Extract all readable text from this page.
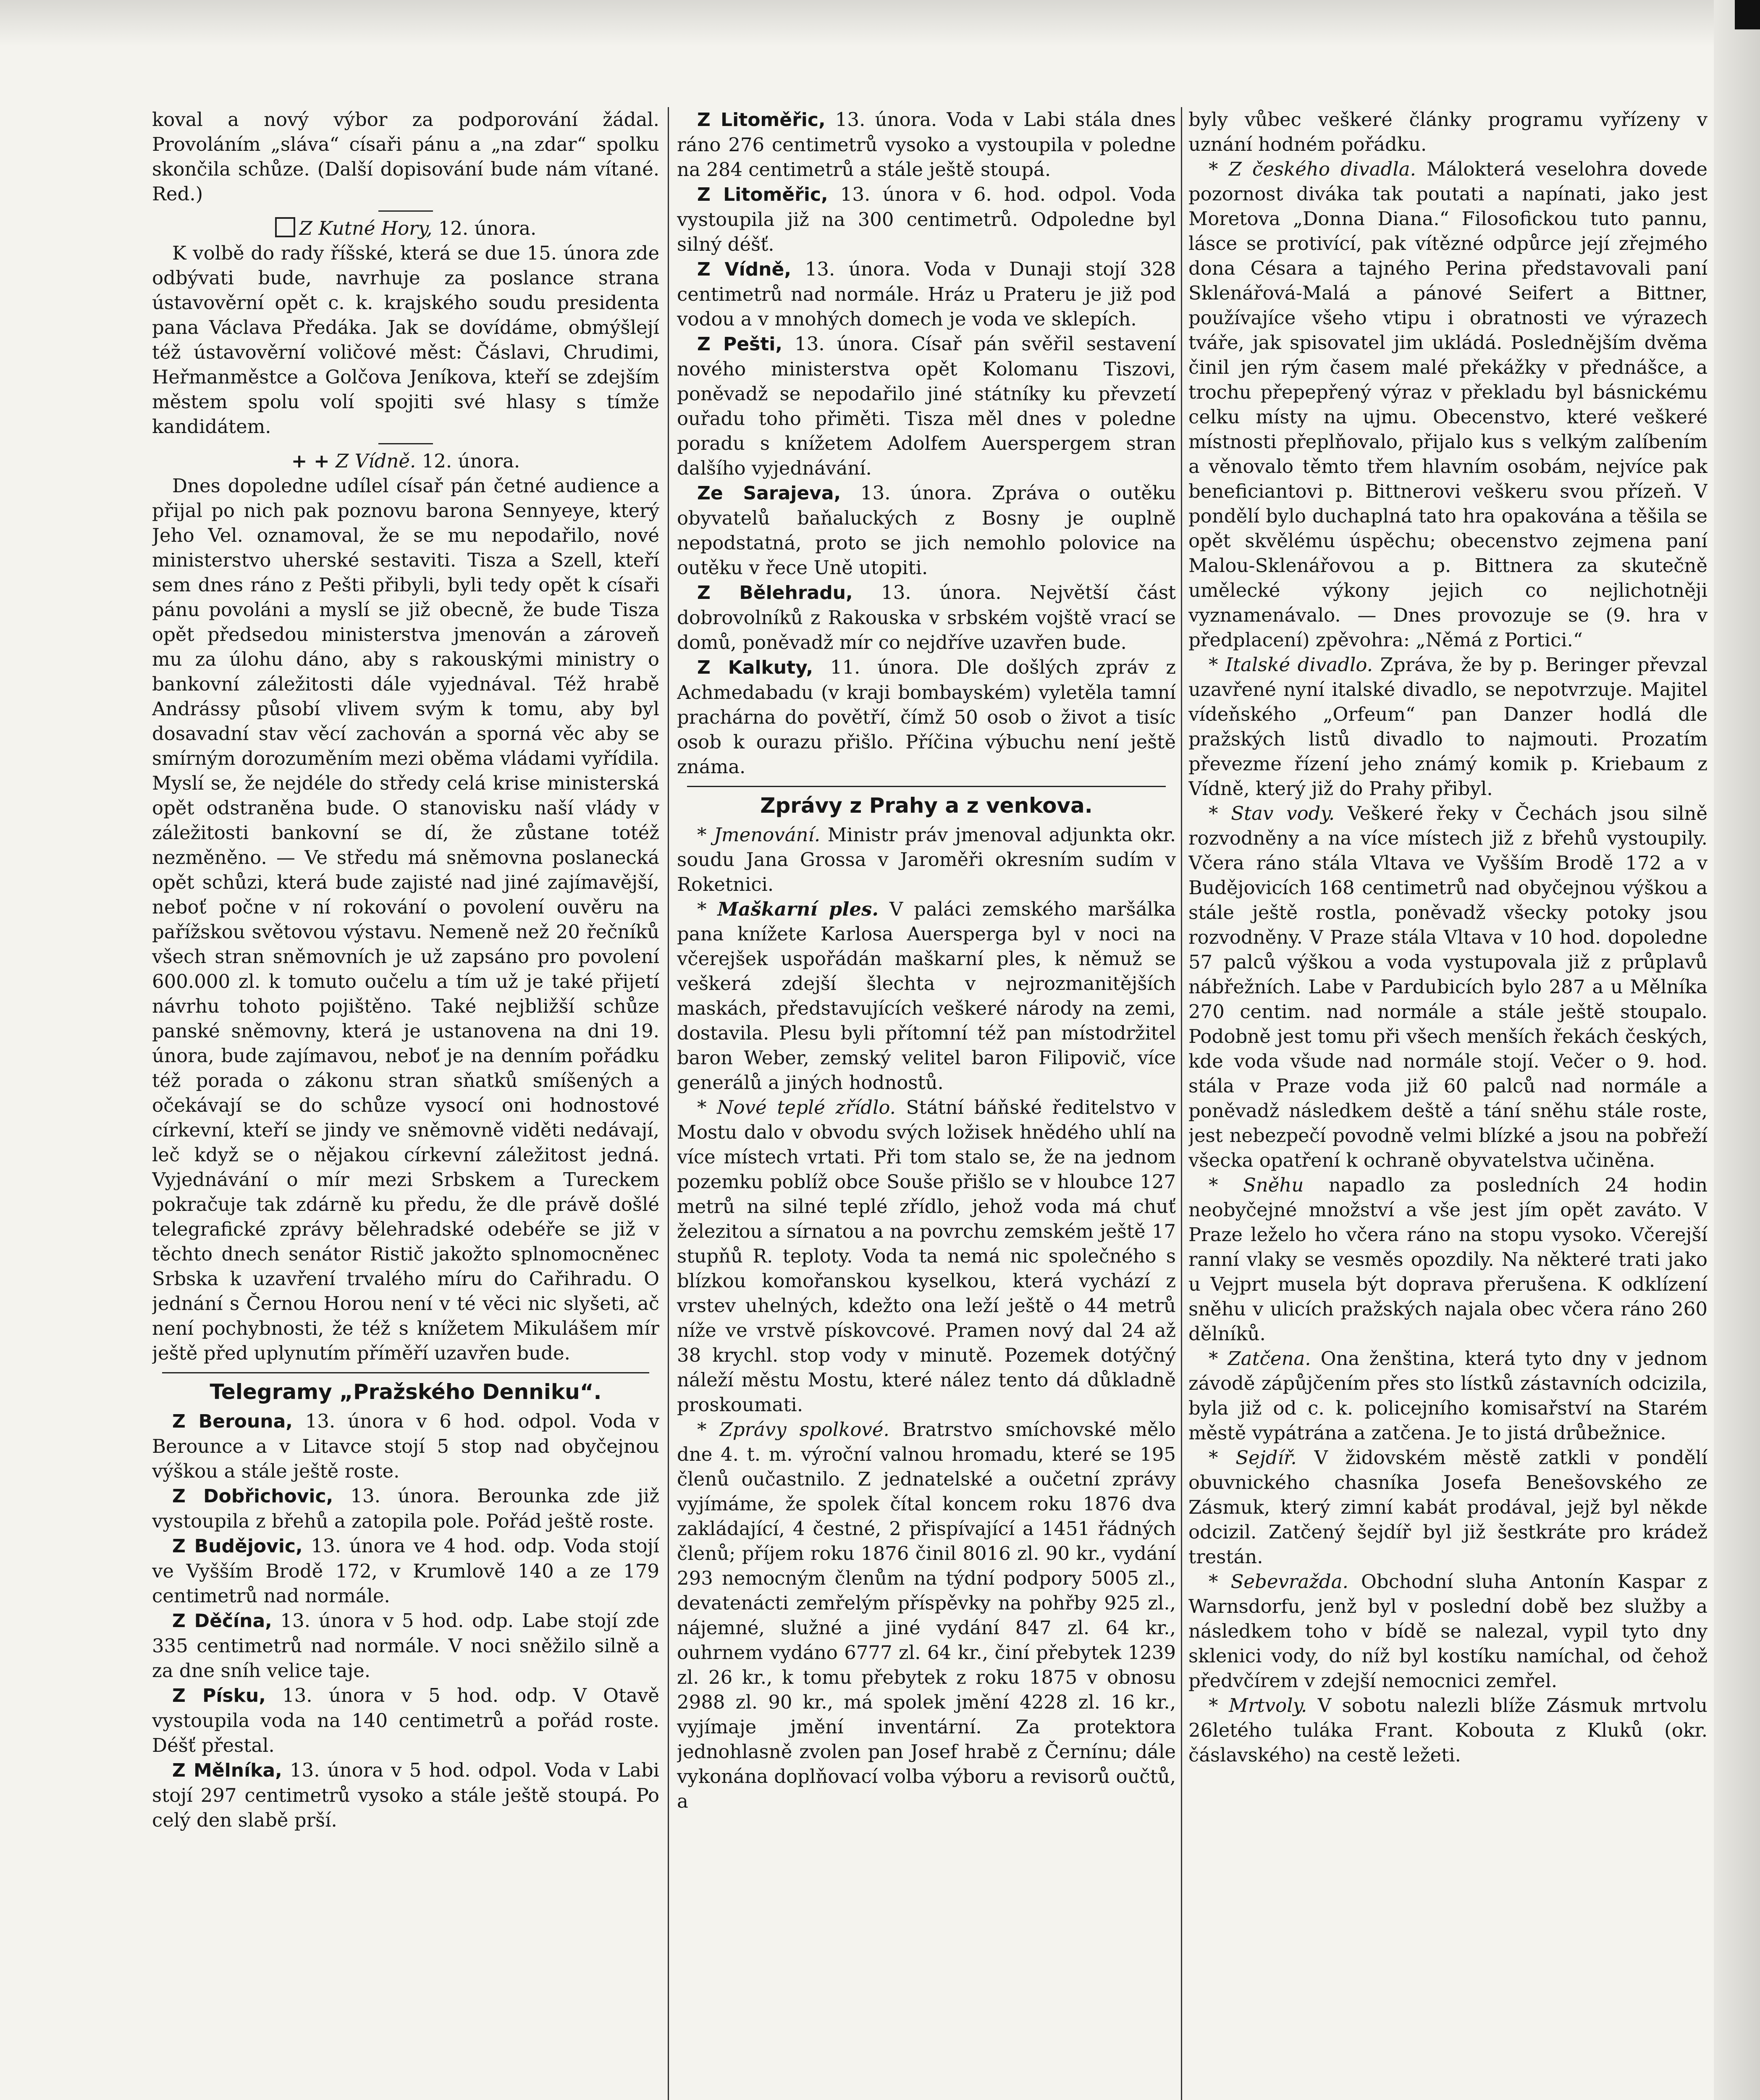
koval a nový výbor za podporování žádal. Provoláním „sláva“ císaři pánu a „na zdar“ spolku skončila schůze. (Další dopisování bude nám vítané. Red.)

Z Kutné Hory, 12. února.

K volbě do rady říšské, která se due 15. února zde odbývati bude, navrhuje za poslance strana ústavověrní opět c. k. krajského soudu presidenta pana Václava Předáka. Jak se dovídáme, obmýšlejí též ústavověrní voličové měst: Čáslavi, Chrudimi, Heřmanměstce a Golčova Jeníkova, kteří se zdejším městem spolu volí spojiti své hlasy s tímže kandidátem.

+ + Z Vídně. 12. února.

Dnes dopoledne udílel císař pán četné audience a přijal po nich pak poznovu barona Sennyeye, který Jeho Vel. oznamoval, že se mu nepodařilo, nové ministerstvo uherské sestaviti. Tisza a Szell, kteří sem dnes ráno z Pešti přibyli, byli tedy opět k císaři pánu povoláni a myslí se již obecně, že bude Tisza opět předsedou ministerstva jmenován a zároveň mu za úlohu dáno, aby s rakouskými ministry o bankovní záležitosti dále vyjednával. Též hrabě Andrássy působí vlivem svým k tomu, aby byl dosavadní stav věcí zachován a sporná věc aby se smírným dorozuměním mezi oběma vládami vyřídila. Myslí se, že nejdéle do středy celá krise ministerská opět odstraněna bude. O stanovisku naší vlády v záležitosti bankovní se dí, že zůstane totéž nezměněno. — Ve středu má sněmovna poslanecká opět schůzi, která bude zajisté nad jiné zajímavější, neboť počne v ní rokování o povolení ouvěru na pařížskou světovou výstavu. Nemeně než 20 řečníků všech stran sněmovních je už zapsáno pro povolení 600.000 zl. k tomuto oučelu a tím už je také přijetí návrhu tohoto pojištěno. Také nejbližší schůze panské sněmovny, která je ustanovena na dni 19. února, bude zajímavou, neboť je na denním pořádku též porada o zákonu stran sňatků smíšených a očekávají se do schůze vysocí oni hodnostové církevní, kteří se jindy ve sněmovně viděti nedávají, leč když se o nějakou církevní záležitost jedná. Vyjednávání o mír mezi Srbskem a Tureckem pokračuje tak zdárně ku předu, že dle právě došlé telegrafické zprávy bělehradské odebéře se již v těchto dnech senátor Ristič jakožto splnomocněnec Srbska k uzavření trvalého míru do Cařihradu. O jednání s Černou Horou není v té věci nic slyšeti, ač není pochybnosti, že též s knížetem Mikulášem mír ještě před uplynutím příměří uzavřen bude.

Telegramy „Pražského Denniku“.

Z Berouna, 13. února v 6 hod. odpol. Voda v Berounce a v Litavce stojí 5 stop nad obyčejnou výškou a stále ještě roste.

Z Dobřichovic, 13. února. Berounka zde již vystoupila z břehů a zatopila pole. Pořád ještě roste.

Z Budějovic, 13. února ve 4 hod. odp. Voda stojí ve Vyšším Brodě 172, v Krumlově 140 a ze 179 centimetrů nad normále.

Z Děčína, 13. února v 5 hod. odp. Labe stojí zde 335 centimetrů nad normále. V noci sněžilo silně a za dne sníh velice taje.

Z Písku, 13. února v 5 hod. odp. V Otavě vystoupila voda na 140 centimetrů a pořád roste. Déšť přestal.

Z Mělníka, 13. února v 5 hod. odpol. Voda v Labi stojí 297 centimetrů vysoko a stále ještě stoupá. Po celý den slabě prší.

Z Litoměřic, 13. února. Voda v Labi stála dnes ráno 276 centimetrů vysoko a vystoupila v poledne na 284 centimetrů a stále ještě stoupá.

Z Litoměřic, 13. února v 6. hod. odpol. Voda vystoupila již na 300 centimetrů. Odpoledne byl silný déšť.

Z Vídně, 13. února. Voda v Dunaji stojí 328 centimetrů nad normále. Hráz u Prateru je již pod vodou a v mnohých domech je voda ve sklepích.

Z Pešti, 13. února. Císař pán svěřil sestavení nového ministerstva opět Kolomanu Tiszovi, poněvadž se nepodařilo jiné státníky ku převzetí ouřadu toho přiměti. Tisza měl dnes v poledne poradu s knížetem Adolfem Auerspergem stran dalšího vyjednávání.

Ze Sarajeva, 13. února. Zpráva o outěku obyvatelů baňaluckých z Bosny je ouplně nepodstatná, proto se jich nemohlo polovice na outěku v řece Uně utopiti.

Z Bělehradu, 13. února. Největší část dobrovolníků z Rakouska v srbském vojště vrací se domů, poněvadž mír co nejdříve uzavřen bude.

Z Kalkuty, 11. února. Dle došlých zpráv z Achmedabadu (v kraji bombayském) vyletěla tamní prachárna do povětří, čímž 50 osob o život a tisíc osob k ourazu přišlo. Příčina výbuchu není ještě známa.

Zprávy z Prahy a z venkova.

* Jmenování. Ministr práv jmenoval adjunkta okr. soudu Jana Grossa v Jaroměři okresním sudím v Roketnici.

* Maškarní ples. V paláci zemského maršálka pana knížete Karlosa Auersperga byl v noci na včerejšek uspořádán maškarní ples, k němuž se veškerá zdejší šlechta v nejrozmanitějších maskách, představujících veškeré národy na zemi, dostavila. Plesu byli přítomní též pan místodržitel baron Weber, zemský velitel baron Filipovič, více generálů a jiných hodnostů.

* Nové teplé zřídlo. Státní báňské ředitelstvo v Mostu dalo v obvodu svých ložisek hnědého uhlí na více místech vrtati. Při tom stalo se, že na jednom pozemku poblíž obce Souše přišlo se v hloubce 127 metrů na silné teplé zřídlo, jehož voda má chuť železitou a sírnatou a na povrchu zemském ještě 17 stupňů R. teploty. Voda ta nemá nic společného s blízkou komořanskou kyselkou, která vychází z vrstev uhelných, kdežto ona leží ještě o 44 metrů níže ve vrstvě pískovcové. Pramen nový dal 24 až 38 krychl. stop vody v minutě. Pozemek dotýčný náleží městu Mostu, které nález tento dá důkladně proskoumati.

* Zprávy spolkové. Bratrstvo smíchovské mělo dne 4. t. m. výroční valnou hromadu, které se 195 členů oučastnilo. Z jednatelské a oučetní zprávy vyjímáme, že spolek čítal koncem roku 1876 dva zakládající, 4 čestné, 2 přispívající a 1451 řádných členů; příjem roku 1876 činil 8016 zl. 90 kr., vydání 293 nemocným členům na týdní podpory 5005 zl., devatenácti zemřelým příspěvky na pohřby 925 zl., nájemné, služné a jiné vydání 847 zl. 64 kr., ouhrnem vydáno 6777 zl. 64 kr., činí přebytek 1239 zl. 26 kr., k tomu přebytek z roku 1875 v obnosu 2988 zl. 90 kr., má spolek jmění 4228 zl. 16 kr., vyjímaje jmění inventární. Za protektora jednohlasně zvolen pan Josef hrabě z Černínu; dále vykonána doplňovací volba výboru a revisorů oučtů, a

byly vůbec veškeré články programu vyřízeny v uznání hodném pořádku.

* Z českého divadla. Málokterá veselohra dovede pozornost diváka tak poutati a napínati, jako jest Moretova „Donna Diana.“ Filosofickou tuto pannu, lásce se protivící, pak vítězné odpůrce její zřejmého dona Césara a tajného Perina představovali paní Sklenářová-Malá a pánové Seifert a Bittner, používajíce všeho vtipu i obratnosti ve výrazech tváře, jak spisovatel jim ukládá. Poslednějším dvěma činil jen rým časem malé překážky v přednášce, a trochu přepepřený výraz v překladu byl básnickému celku místy na ujmu. Obecenstvo, které veškeré místnosti přeplňovalo, přijalo kus s velkým zalíbením a věnovalo těmto třem hlavním osobám, nejvíce pak beneficiantovi p. Bittnerovi veškeru svou přízeň. V pondělí bylo duchaplná tato hra opakována a těšila se opět skvělému úspěchu; obecenstvo zejmena paní Malou-Sklenářovou a p. Bittnera za skutečně umělecké výkony jejich co nejlichotněji vyznamenávalo. — Dnes provozuje se (9. hra v předplacení) zpěvohra: „Němá z Portici.“

* Italské divadlo. Zpráva, že by p. Beringer převzal uzavřené nyní italské divadlo, se nepotvrzuje. Majitel vídeňského „Orfeum“ pan Danzer hodlá dle pražských listů divadlo to najmouti. Prozatím převezme řízení jeho známý komik p. Kriebaum z Vídně, který již do Prahy přibyl.

* Stav vody. Veškeré řeky v Čechách jsou silně rozvodněny a na více místech již z břehů vystoupily. Včera ráno stála Vltava ve Vyšším Brodě 172 a v Budějovicích 168 centimetrů nad obyčejnou výškou a stále ještě rostla, poněvadž všecky potoky jsou rozvodněny. V Praze stála Vltava v 10 hod. dopoledne 57 palců výškou a voda vystupovala již z průplavů nábřežních. Labe v Pardubicích bylo 287 a u Mělníka 270 centim. nad normále a stále ještě stoupalo. Podobně jest tomu při všech menších řekách českých, kde voda všude nad normále stojí. Večer o 9. hod. stála v Praze voda již 60 palců nad normále a poněvadž následkem deště a tání sněhu stále roste, jest nebezpečí povodně velmi blízké a jsou na pobřeží všecka opatření k ochraně obyvatelstva učiněna.

* Sněhu napadlo za posledních 24 hodin neobyčejné množství a vše jest jím opět zaváto. V Praze leželo ho včera ráno na stopu vysoko. Včerejší ranní vlaky se vesměs opozdily. Na některé trati jako u Vejprt musela být doprava přerušena. K odklízení sněhu v ulicích pražských najala obec včera ráno 260 dělníků.

* Zatčena. Ona ženština, která tyto dny v jednom závodě zápůjčením přes sto lístků zástavních odcizila, byla již od c. k. policejního komisařství na Starém městě vypátrána a zatčena. Je to jistá drůbežnice.

* Sejdíř. V židovském městě zatkli v pondělí obuvnického chasníka Josefa Benešovského ze Zásmuk, který zimní kabát prodával, jejž byl někde odcizil. Zatčený šejdíř byl již šestkráte pro krádež trestán.

* Sebevražda. Obchodní sluha Antonín Kaspar z Warnsdorfu, jenž byl v poslední době bez služby a následkem toho v bídě se nalezal, vypil tyto dny sklenici vody, do níž byl kostíku namíchal, od čehož předvčírem v zdejší nemocnici zemřel.

* Mrtvoly. V sobotu nalezli blíže Zásmuk mrtvolu 26letého tuláka Frant. Kobouta z Kluků (okr. čáslavského) na cestě ležeti.
